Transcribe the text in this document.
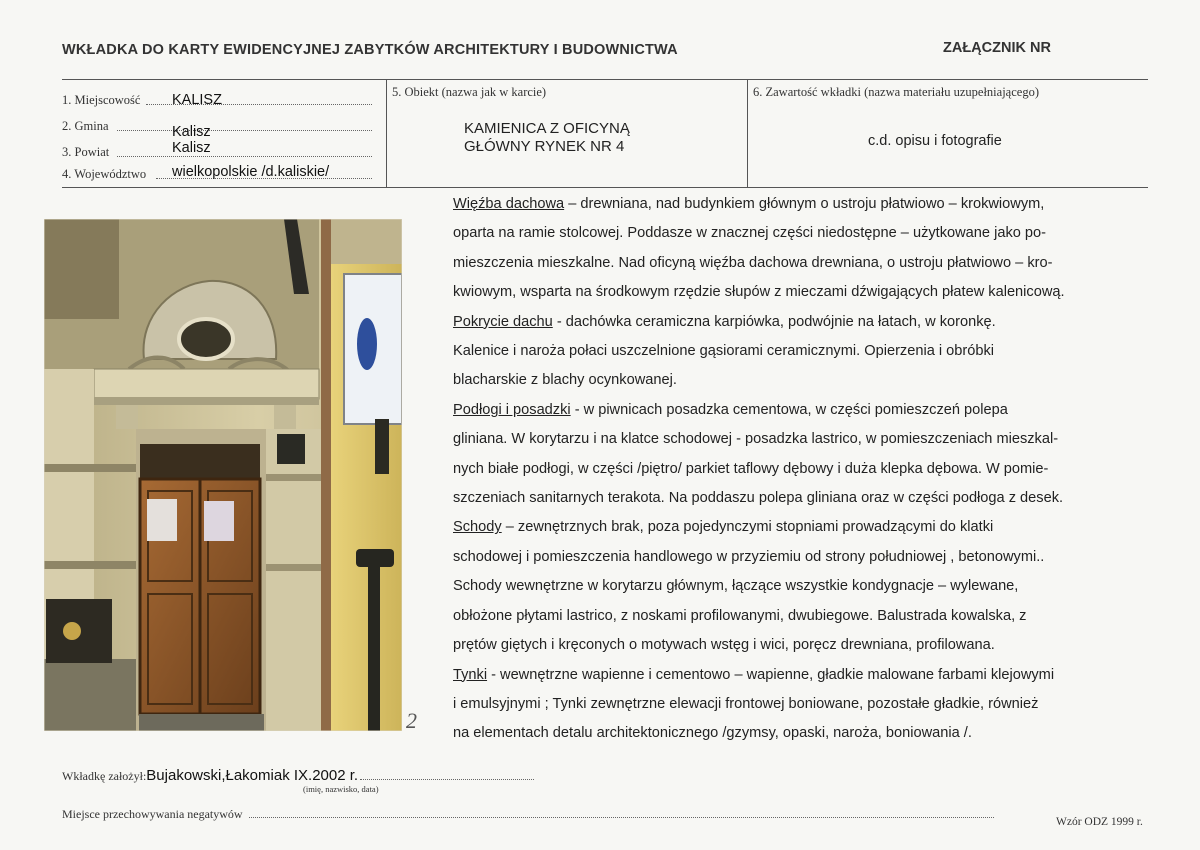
WKŁADKA DO KARTY EWIDENCYJNEJ ZABYTKÓW ARCHITEKTURY I BUDOWNICTWA	ZAŁĄCZNIK NR
1. Miejscowość KALISZ
2. Gmina	Kalisz
3. Powiat	Kalisz
4. Województwo wielkopolskie /d.kaliskie/
5. Obiekt (nazwa jak w karcie)
KAMIENICA Z OFICYNĄ
GŁÓWNY RYNEK NR 4
6. Zawartość wkładki (nazwa materiału uzupełniającego)
c.d. opisu i fotografie
2
Więźba dachowa – drewniana, nad budynkiem głównym o ustroju płatwiowo – krokwiowym,
oparta na ramie stolcowej. Poddasze w znacznej części niedostępne – użytkowane jako po-
mieszczenia mieszkalne. Nad oficyną więźba dachowa drewniana, o ustroju płatwiowo – kro-
kwiowym, wsparta na środkowym rzędzie słupów z mieczami dźwigających płatew kalenicową.
Pokrycie dachu - dachówka ceramiczna karpiówka, podwójnie na łatach, w koronkę.
Kalenice i naroża połaci uszczelnione gąsiorami ceramicznymi. Opierzenia i obróbki
blacharskie z blachy ocynkowanej.
Podłogi i posadzki - w piwnicach posadzka cementowa, w części pomieszczeń polepa
gliniana. W korytarzu i na klatce schodowej - posadzka lastrico, w pomieszczeniach mieszkal-
nych białe podłogi, w części /piętro/ parkiet taflowy dębowy i duża klepka dębowa. W pomie-
szczeniach sanitarnych terakota. Na poddaszu polepa gliniana oraz w części podłoga z desek.
Schody – zewnętrznych brak, poza pojedynczymi stopniami prowadzącymi do klatki
schodowej i pomieszczenia handlowego w przyziemiu od strony południowej , betonowymi..
Schody wewnętrzne w korytarzu głównym, łączące wszystkie kondygnacje – wylewane,
obłożone płytami lastrico, z noskami profilowanymi, dwubiegowe. Balustrada kowalska, z
prętów giętych i kręconych o motywach wstęg i wici, poręcz drewniana, profilowana.
Tynki - wewnętrzne wapienne i cementowo – wapienne, gładkie malowane farbami klejowymi
i emulsyjnymi ; Tynki zewnętrzne elewacji frontowej boniowane, pozostałe gładkie, również
na elementach detalu architektonicznego /gzymsy, opaski, naroża, boniowania /.
Wkładkę założył:Bujakowski,Łakomiak IX.2002 r.
(imię, nazwisko, data)
Miejsce przechowywania negatywów
Wzór ODZ 1999 r.
